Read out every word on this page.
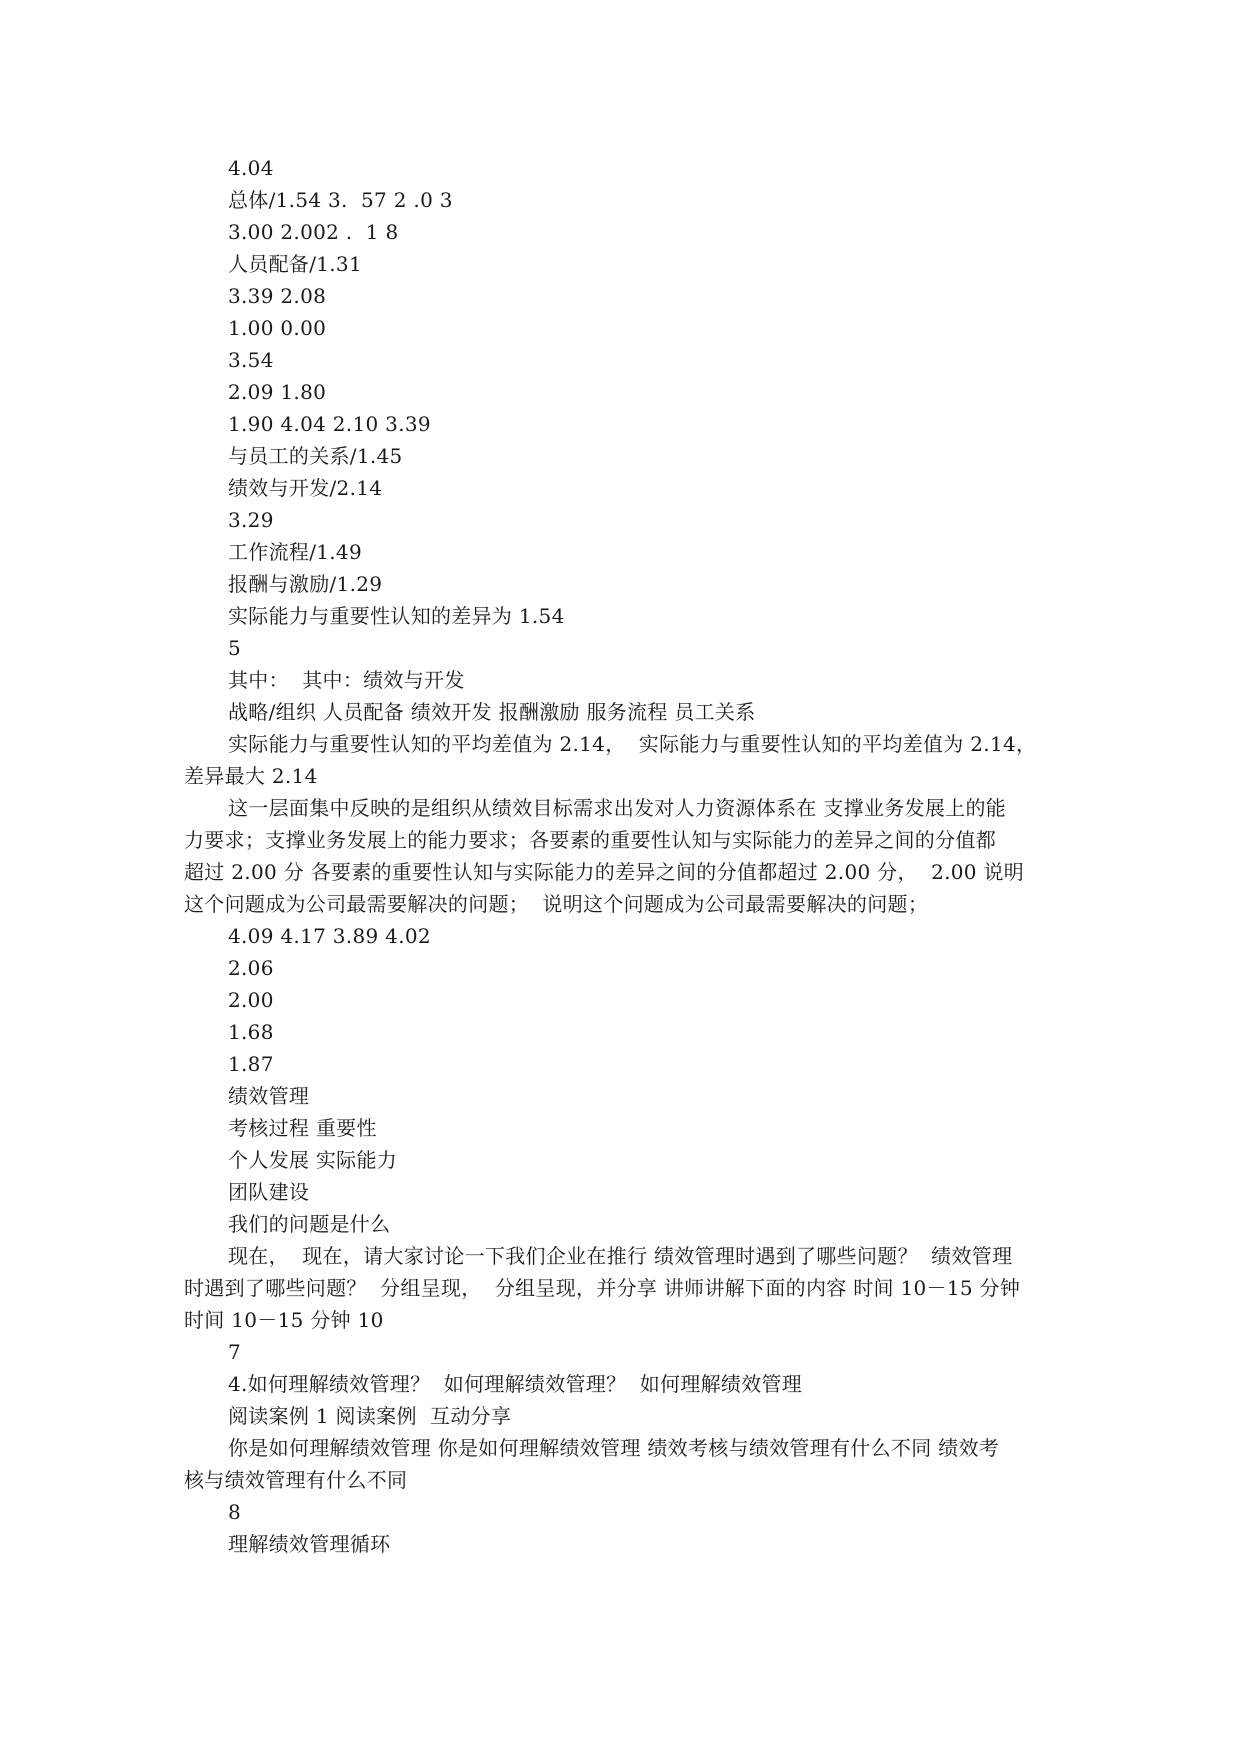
4.04
总体/1.54 3.  57 2 .0 3
3.00 2.002 .  1 8
人员配备/1.31
3.39 2.08
1.00 0.00
3.54
2.09 1.80
1.90 4.04 2.10 3.39
与员工的关系/1.45
绩效与开发/2.14
3.29
工作流程/1.49
报酬与激励/1.29
实际能力与重要性认知的差异为 1.54
5
其中：  其中：绩效与开发
战略/组织 人员配备 绩效开发 报酬激励 服务流程 员工关系
实际能力与重要性认知的平均差值为 2.14，  实际能力与重要性认知的平均差值为 2.14，
差异最大 2.14
这一层面集中反映的是组织从绩效目标需求出发对人力资源体系在 支撑业务发展上的能
力要求；支撑业务发展上的能力要求；各要素的重要性认知与实际能力的差异之间的分值都
超过 2.00 分 各要素的重要性认知与实际能力的差异之间的分值都超过 2.00 分，  2.00 说明
这个问题成为公司最需要解决的问题；  说明这个问题成为公司最需要解决的问题；
4.09 4.17 3.89 4.02
2.06
2.00
1.68
1.87
绩效管理
考核过程 重要性
个人发展 实际能力
团队建设
我们的问题是什么
现在，  现在，请大家讨论一下我们企业在推行 绩效管理时遇到了哪些问题？  绩效管理
时遇到了哪些问题？  分组呈现，  分组呈现，并分享 讲师讲解下面的内容 时间 10－15 分钟
时间 10－15 分钟 10
7
4.如何理解绩效管理？  如何理解绩效管理？  如何理解绩效管理
阅读案例 1 阅读案例  互动分享
你是如何理解绩效管理 你是如何理解绩效管理 绩效考核与绩效管理有什么不同 绩效考
核与绩效管理有什么不同
8
理解绩效管理循环
